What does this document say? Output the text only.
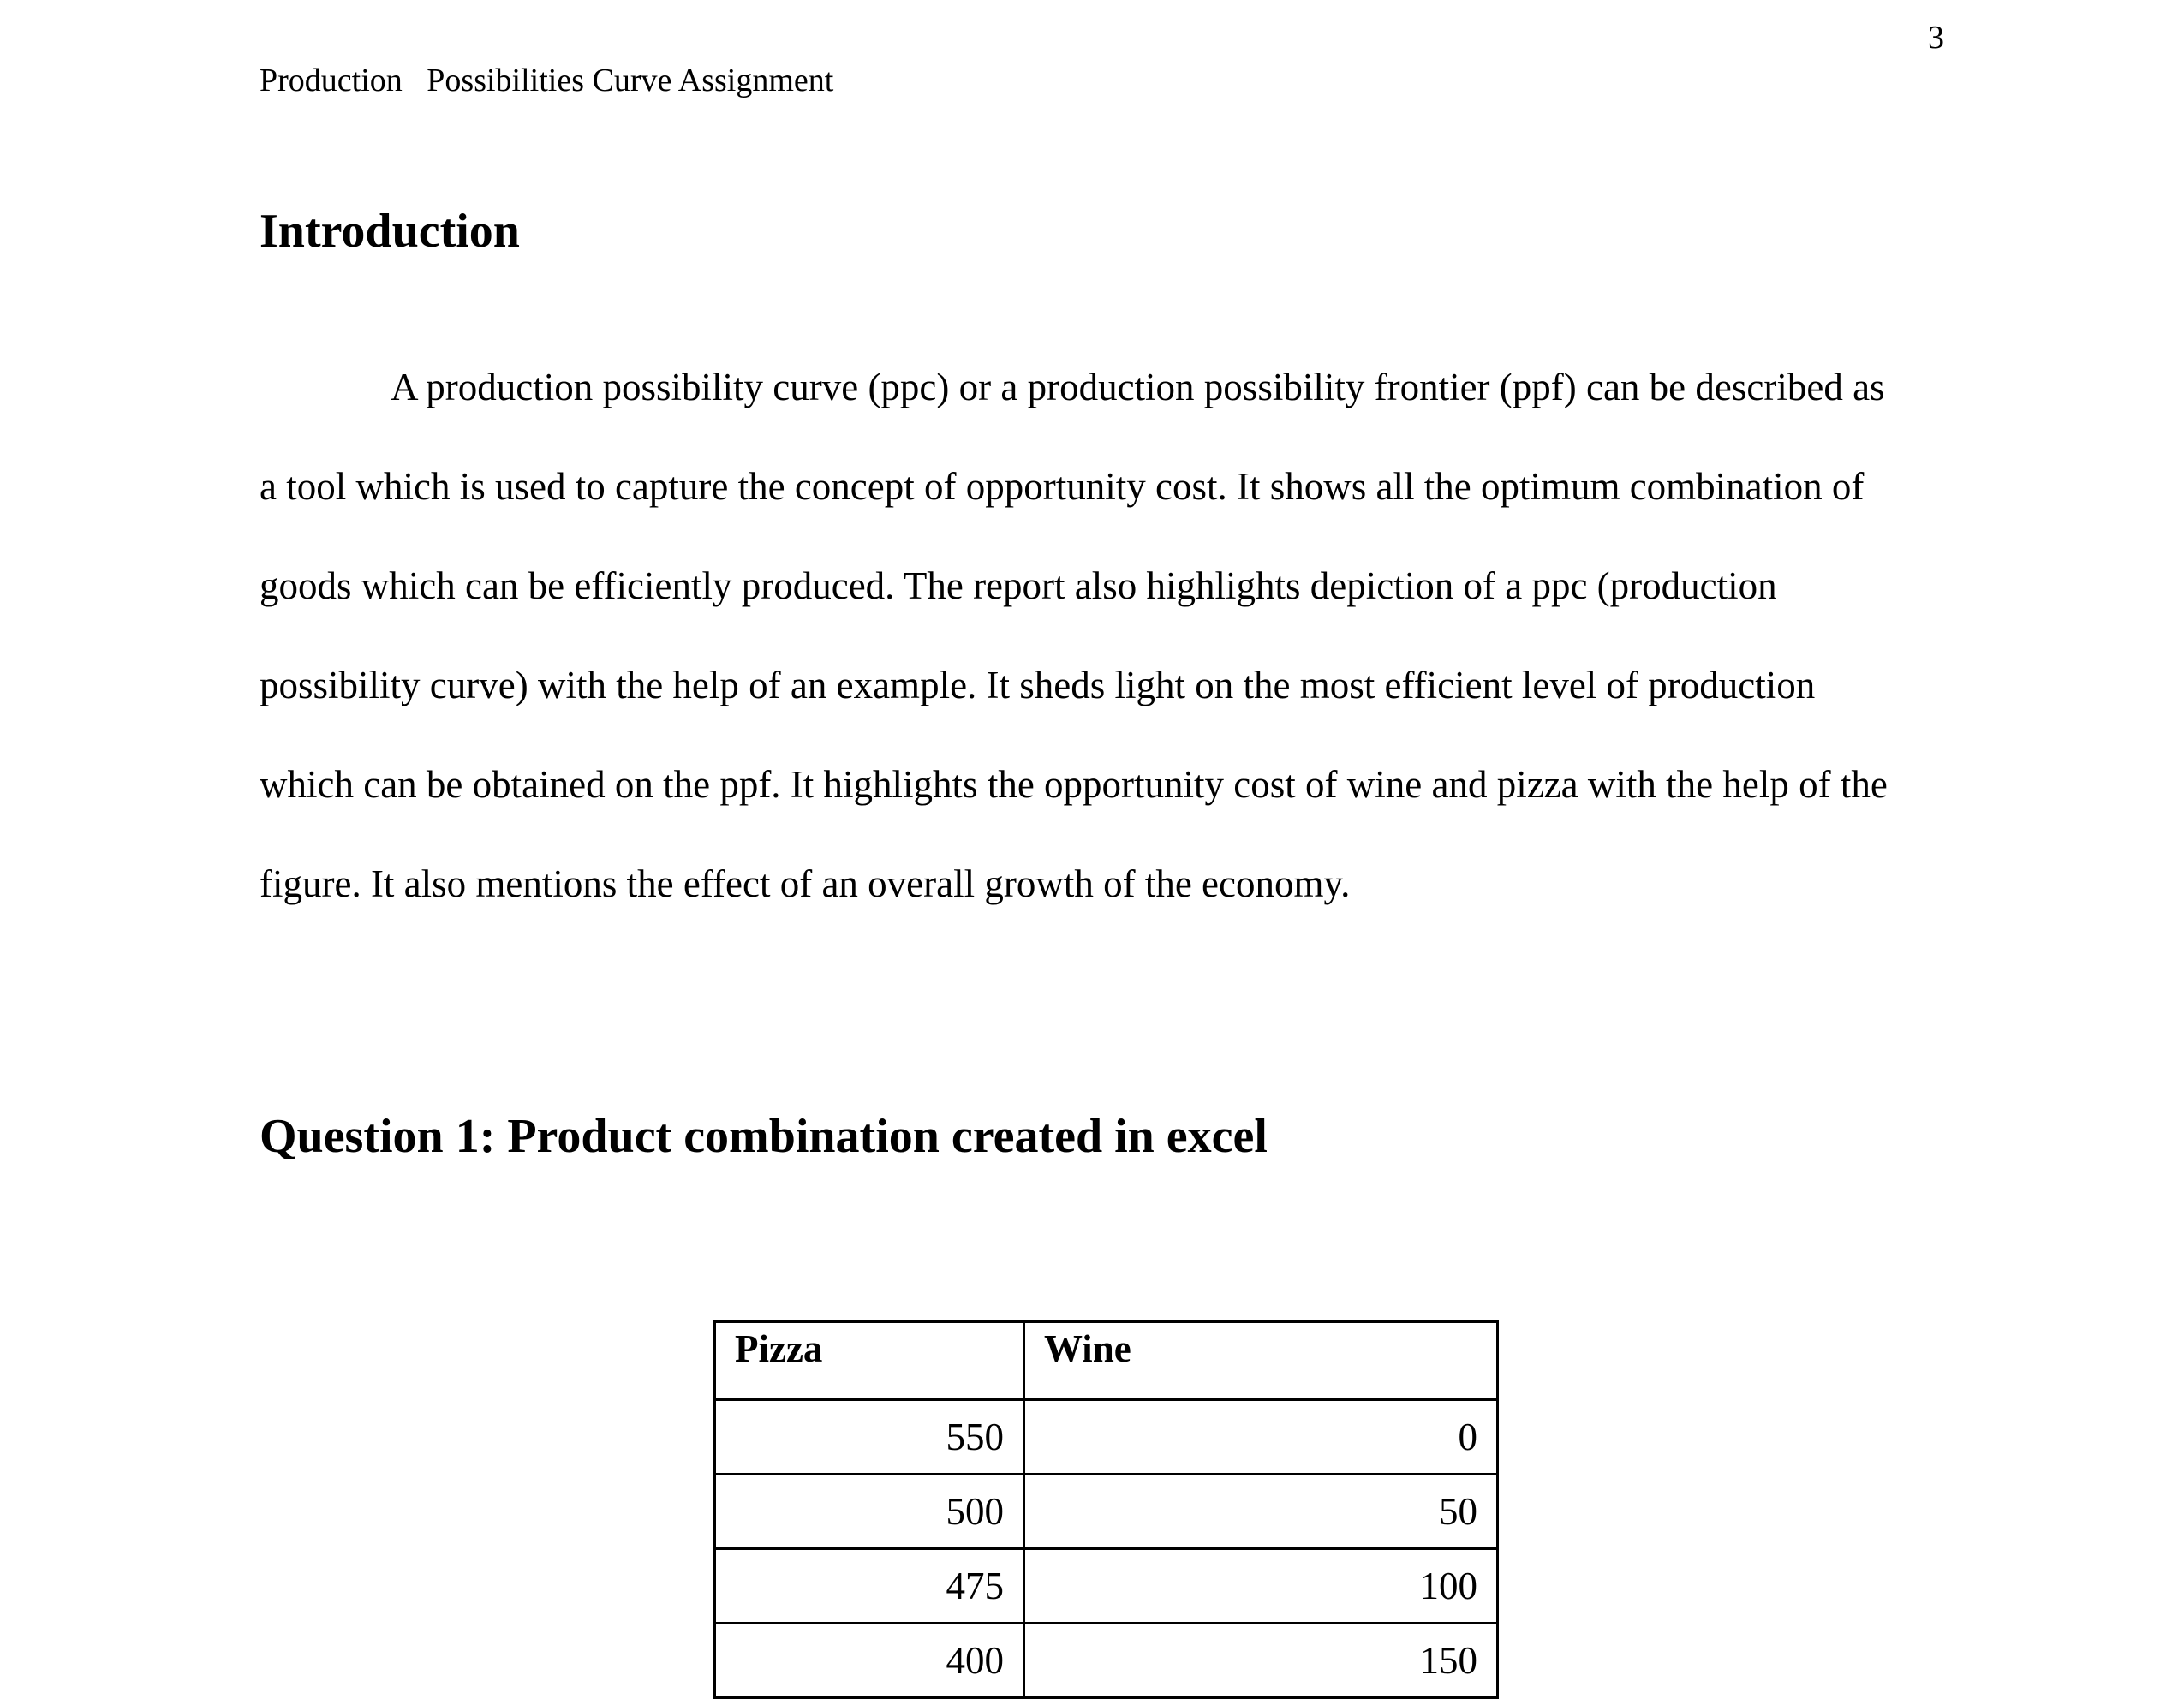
3
Production   Possibilities Curve Assignment
Introduction

A production possibility curve (ppc) or a production possibility frontier (ppf) can be described as a tool which is used to capture the concept of opportunity cost. It shows all the optimum combination of goods which can be efficiently produced. The report also highlights depiction of a ppc (production possibility curve) with the help of an example. It sheds light on the most efficient level of production which can be obtained on the ppf. It highlights the opportunity cost of wine and pizza with the help of the figure. It also mentions the effect of an overall growth of the economy.

Question 1: Product combination created in excel
Pizza	Wine
550	0
500	50
475	100
400	150
